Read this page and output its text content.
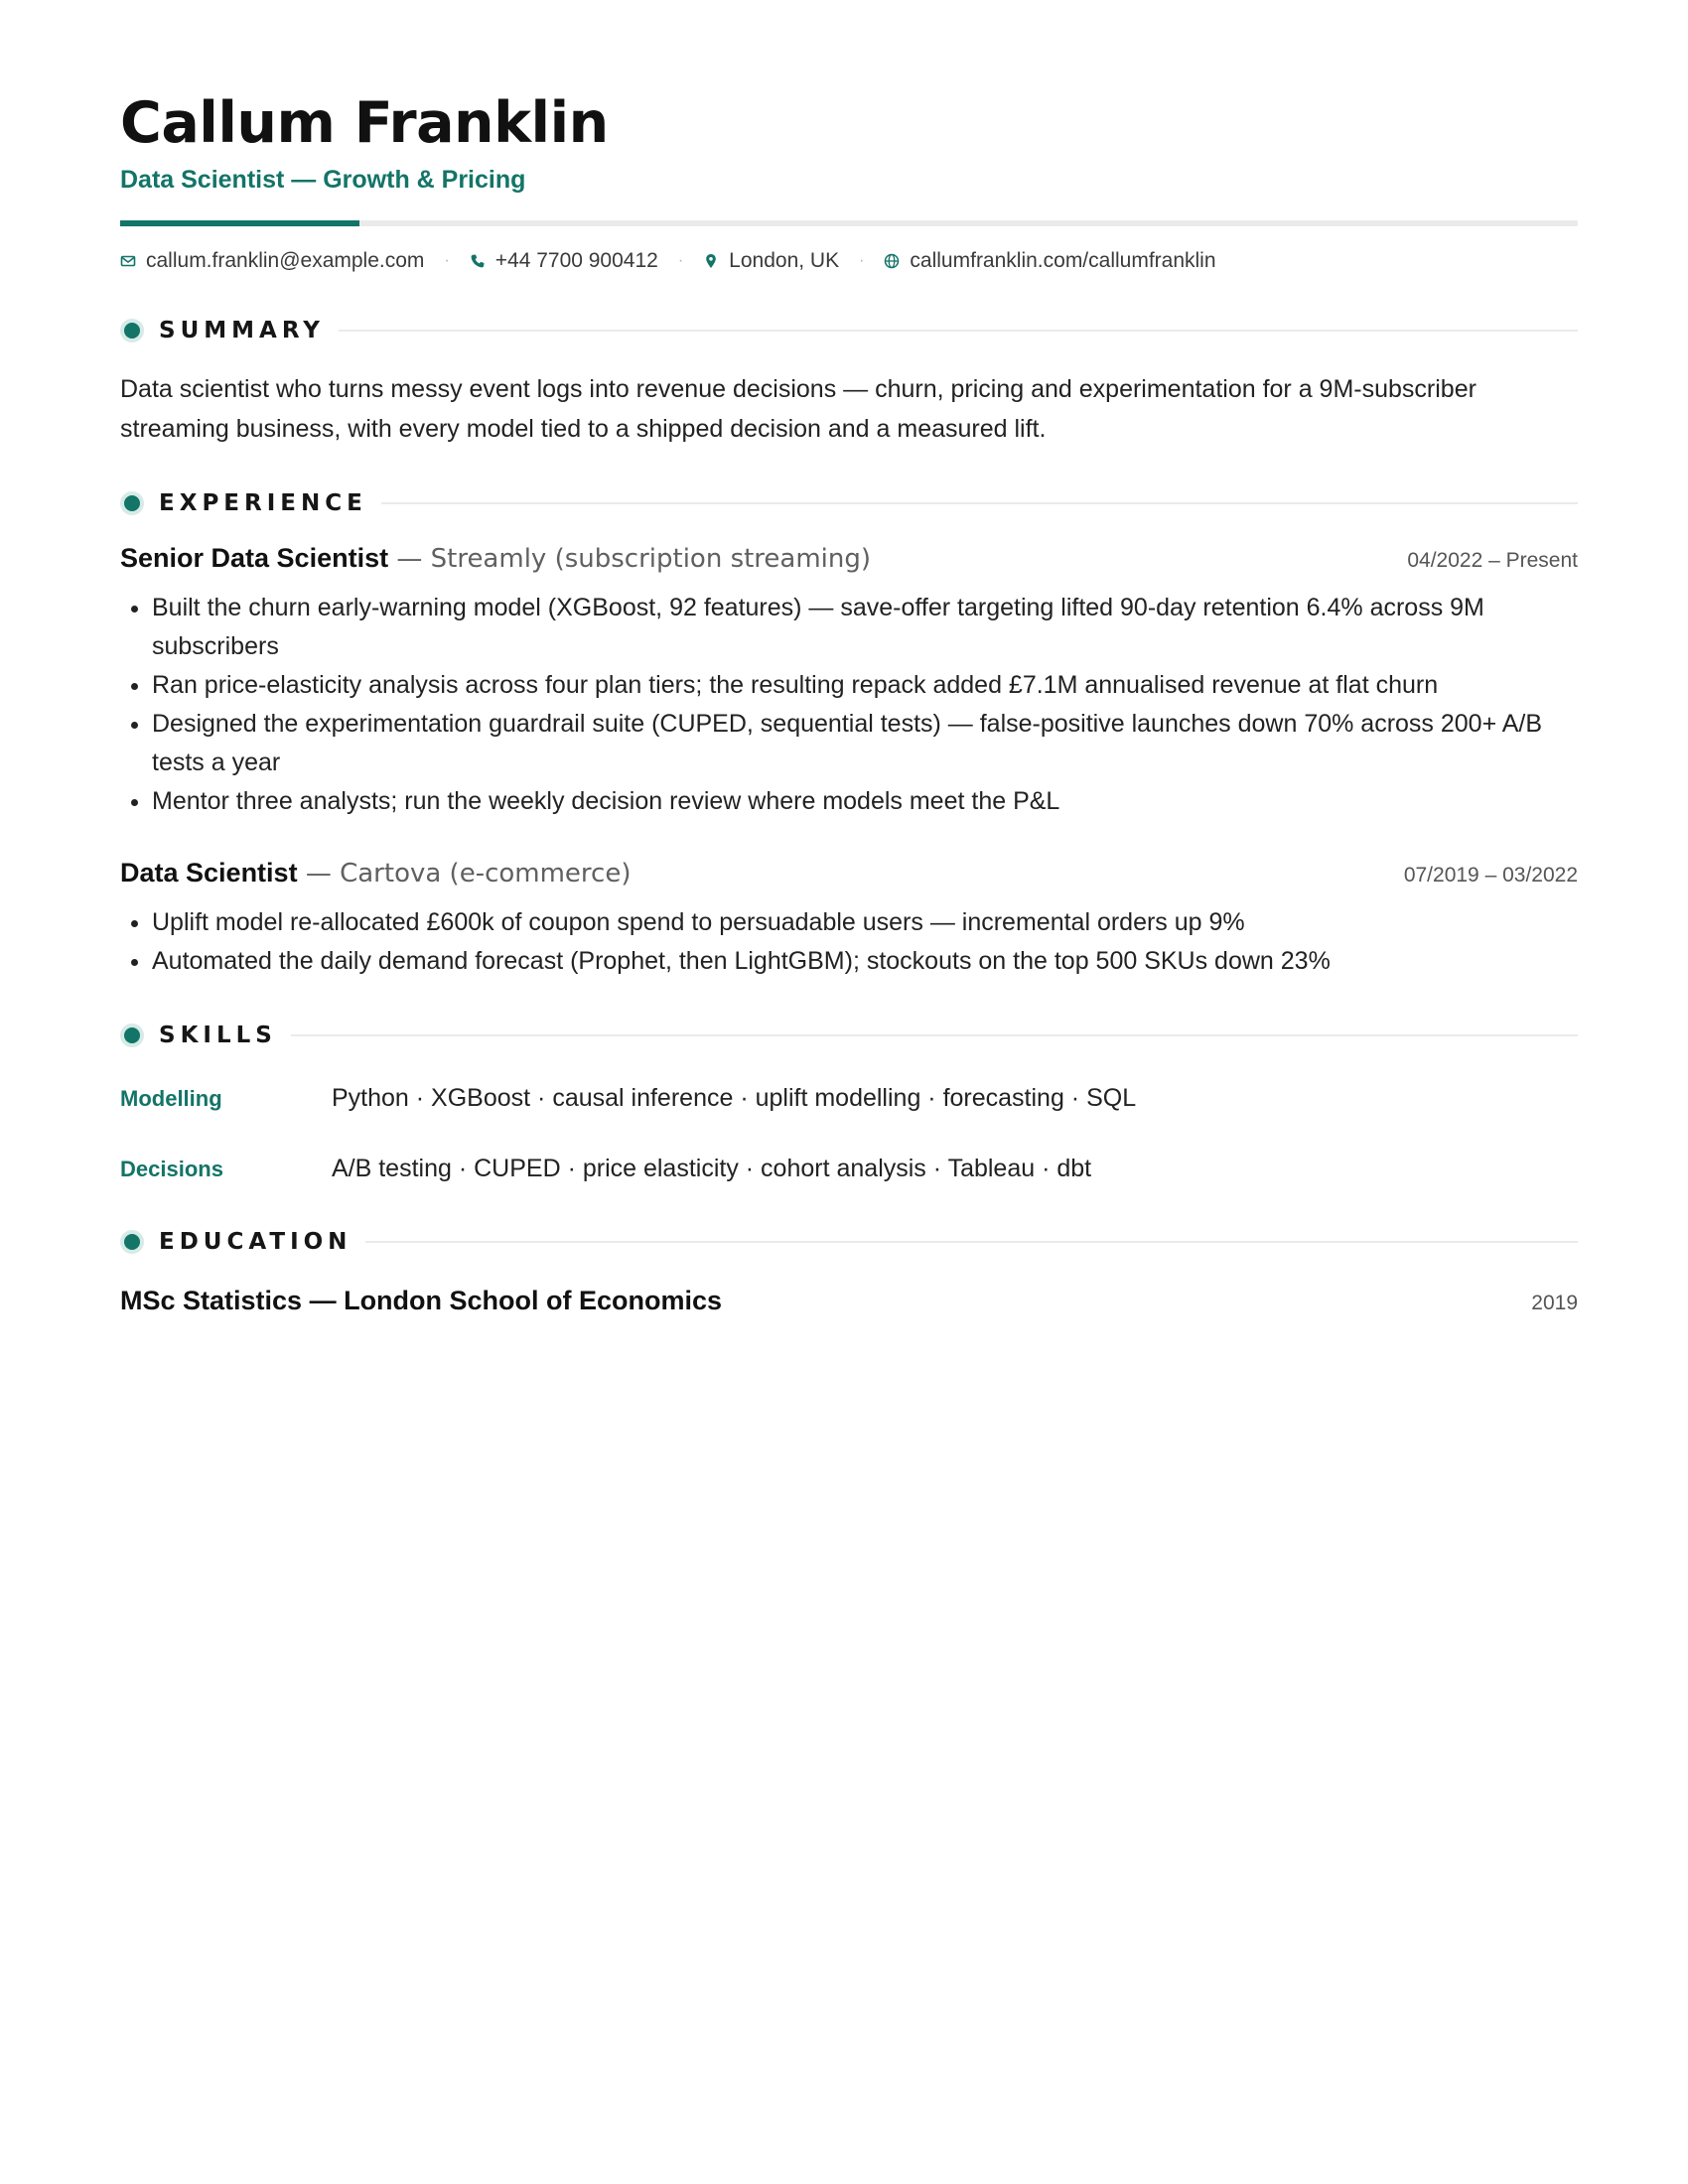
Callum Franklin
Data Scientist — Growth & Pricing
callum.franklin@example.com · +44 7700 900412 · London, UK · callumfranklin.com/callumfranklin
SUMMARY
Data scientist who turns messy event logs into revenue decisions — churn, pricing and experimentation for a 9M-subscriber streaming business, with every model tied to a shipped decision and a measured lift.
EXPERIENCE
Senior Data Scientist — Streamly (subscription streaming)	04/2022 – Present
• Built the churn early-warning model (XGBoost, 92 features) — save-offer targeting lifted 90-day retention 6.4% across 9M subscribers
• Ran price-elasticity analysis across four plan tiers; the resulting repack added £7.1M annualised revenue at flat churn
• Designed the experimentation guardrail suite (CUPED, sequential tests) — false-positive launches down 70% across 200+ A/B tests a year
• Mentor three analysts; run the weekly decision review where models meet the P&L
Data Scientist — Cartova (e-commerce)	07/2019 – 03/2022
• Uplift model re-allocated £600k of coupon spend to persuadable users — incremental orders up 9%
• Automated the daily demand forecast (Prophet, then LightGBM); stockouts on the top 500 SKUs down 23%
SKILLS
Modelling	Python · XGBoost · causal inference · uplift modelling · forecasting · SQL
Decisions	A/B testing · CUPED · price elasticity · cohort analysis · Tableau · dbt
EDUCATION
MSc Statistics — London School of Economics	2019
